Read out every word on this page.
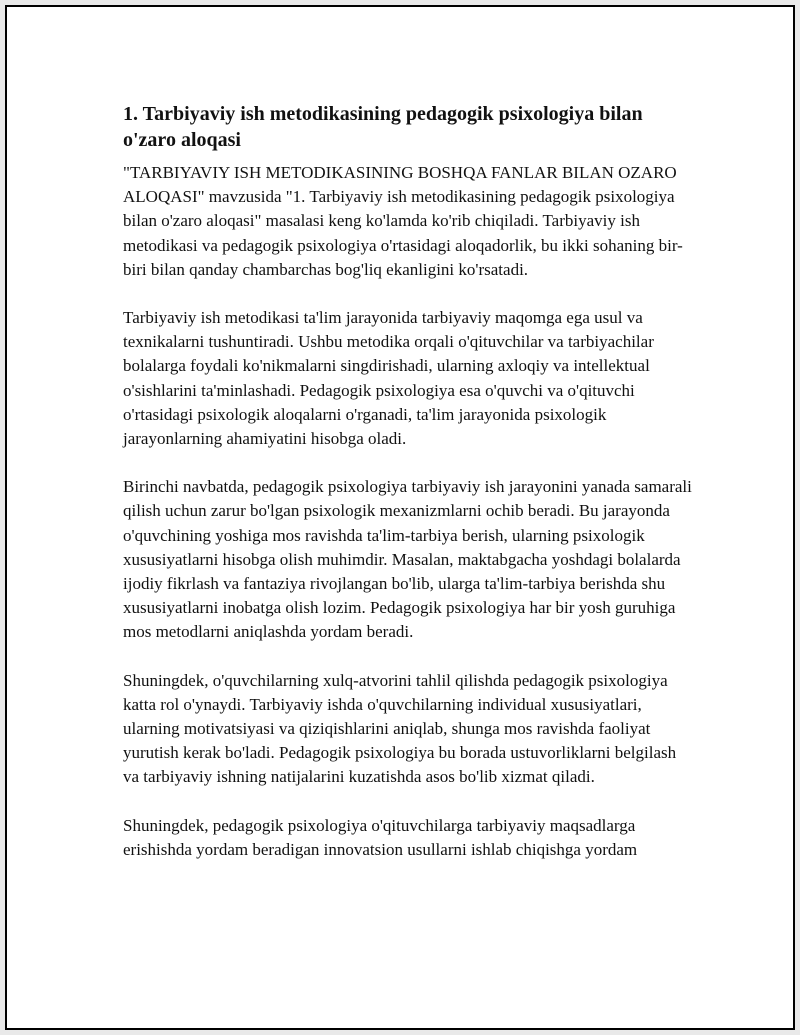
1. Tarbiyaviy ish metodikasining pedagogik psixologiya bilan o'zaro aloqasi

"TARBIYAVIY ISH METODIKASINING BOSHQA FANLAR BILAN OZARO ALOQASI" mavzusida "1. Tarbiyaviy ish metodikasining pedagogik psixologiya bilan o'zaro aloqasi" masalasi keng ko'lamda ko'rib chiqiladi. Tarbiyaviy ish metodikasi va pedagogik psixologiya o'rtasidagi aloqadorlik, bu ikki sohaning bir-biri bilan qanday chambarchas bog'liq ekanligini ko'rsatadi.

Tarbiyaviy ish metodikasi ta'lim jarayonida tarbiyaviy maqomga ega usul va texnikalarni tushuntiradi. Ushbu metodika orqali o'qituvchilar va tarbiyachilar bolalarga foydali ko'nikmalarni singdirishadi, ularning axloqiy va intellektual o'sishlarini ta'minlashadi. Pedagogik psixologiya esa o'quvchi va o'qituvchi o'rtasidagi psixologik aloqalarni o'rganadi, ta'lim jarayonida psixologik jarayonlarning ahamiyatini hisobga oladi.

Birinchi navbatda, pedagogik psixologiya tarbiyaviy ish jarayonini yanada samarali qilish uchun zarur bo'lgan psixologik mexanizmlarni ochib beradi. Bu jarayonda o'quvchining yoshiga mos ravishda ta'lim-tarbiya berish, ularning psixologik xususiyatlarni hisobga olish muhimdir. Masalan, maktabgacha yoshdagi bolalarda ijodiy fikrlash va fantaziya rivojlangan bo'lib, ularga ta'lim-tarbiya berishda shu xususiyatlarni inobatga olish lozim. Pedagogik psixologiya har bir yosh guruhiga mos metodlarni aniqlashda yordam beradi.

Shuningdek, o'quvchilarning xulq-atvorini tahlil qilishda pedagogik psixologiya katta rol o'ynaydi. Tarbiyaviy ishda o'quvchilarning individual xususiyatlari, ularning motivatsiyasi va qiziqishlarini aniqlab, shunga mos ravishda faoliyat yurutish kerak bo'ladi. Pedagogik psixologiya bu borada ustuvorliklarni belgilash va tarbiyaviy ishning natijalarini kuzatishda asos bo'lib xizmat qiladi.

Shuningdek, pedagogik psixologiya o'qituvchilarga tarbiyaviy maqsadlarga erishishda yordam beradigan innovatsion usullarni ishlab chiqishga yordam
